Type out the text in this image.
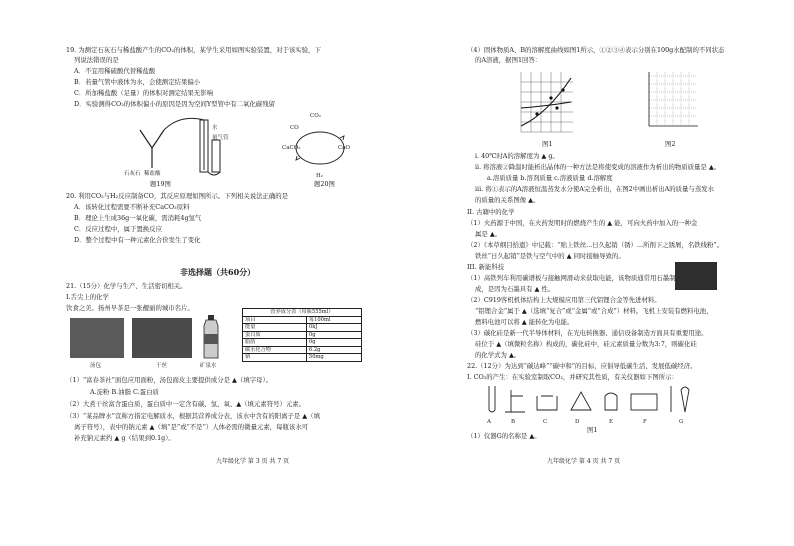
19. 为测定石灰石与稀盐酸产生的CO₂的体积，某学生采用如图实验装置，对于该实验，下
列说法错误的是
A．不宜用稀硫酸代替稀盐酸
B．若量气管中液体为水，会使测定结果偏小
C．所加稀盐酸（足量）的体积对测定结果无影响
D．实验测得CO₂的体积偏小的原因是因为空间Y型管中有二氧化碳残留
石灰石 稀盐酸
水
量气管
题19图
CO₂
CaCO₃	CaO
H₂
CO
题20图
20. 利用CO₂与H₂反应制备CO，其反应原理如图所示。下列相关说法正确的是
A．该转化过程需要不断补充CaCO₃原料
B．理论上生成36g一氧化碳，需消耗4g氢气
C．反应过程中，属于置换反应
D．整个过程中有一种元素化合价发生了变化
非选择题（共60分）
21.（15分）化学与生产、生活密切相关。
I.舌尖上的化学
饮食之美。扬州早茶是一张靓丽的城市名片。
汤包	干丝	矿泉水
营养成分表（每瓶555ml）	
项目	每100ml
能量	0kJ
蛋白质	0g
脂肪	0g
碳水化合物	6.2g
钠	50mg
（1）“富春茶社”面包应用面粉，汤包面皮主要提供成分是 ▲（填字母）。
A.淀粉 B.油脂 C.蛋白质
（2）大煮干丝富含蛋白质，蛋白质中一定含有碳、氢、氧、▲（填元素符号）元素。
（3）“某品牌水”宣称方指定电解质水，根据其营养成分表，该水中含有的阳离子是 ▲（填
离子符号），表中的钠元素 ▲（填“是”或“不是”）人体必需的微量元素，每瓶该水可
补充钠元素约 ▲ g（结果到0.1g）。
九年级化学 第 3 页 共 7 页
（4）固体物质A、B的溶解度曲线如图1所示，①②③④表示分别在100g水配制的不同状态
的A溶液，据图1回答：
图1	图2
i. 40℃时A的溶解度为 ▲ g。
ii. 将溶液②降温时能析出晶体的一种方法是将使变成的溶液作为析出的物质质量是 ▲。
a.溶质质量 b.溶剂质量 c.溶液质量 d.溶解度
iii. 将①表示的A溶液恒温蒸发水分使A完全析出，在图2中画出析出A的质量与蒸发水
的质量的关系图像 ▲。
II. 古籍中的化学
（1）火药源于中国，在火药发明时的燃烧产生的 ▲ 能，可向火药中加入的一种金
属是 ▲。
（2）《本草纲目拾遗》中记载：“贴上铁丝...日久起销（锈）...所削下之锈屑，名铁线粉”。
铁丝“日久起销”是铁与空气中的 ▲ 同时接触导致的。
III. 新能科技
（1）高铁列车利用碳谱板与接触网滑动来获取电能，该物质通常用石墨制
成，是因为石墨具有 ▲ 性。
（2）C919客机机体结构上大规模应用第三代铝锂合金等先进材料。
“铝锂合金”属于 ▲（选填“复合”或“金属”或“合成”）材料。飞机上安装有燃料电池，
燃料电池可以将 ▲ 能转化为电能。
（3）碳化硅是新一代半导体材料，在光电转换器、通信设备制造方面具有重要用途。
硅位于 ▲（填微粒名称）构成的，碳化硅中，硅元素质量分数为3:7，则碳化硅
的化学式为 ▲。
22.（12分）为达到“碳达峰”“碳中和”的目标，应倡导低碳生活、发展低碳经济。
I. CO₂的产生：在实验室制取CO₂，并研究其性质，有关仪器如下图所示：
A	B	C	D	E	F	G
图1
（1）仪器G的名称是 ▲。
九年级化学 第 4 页 共 7 页
